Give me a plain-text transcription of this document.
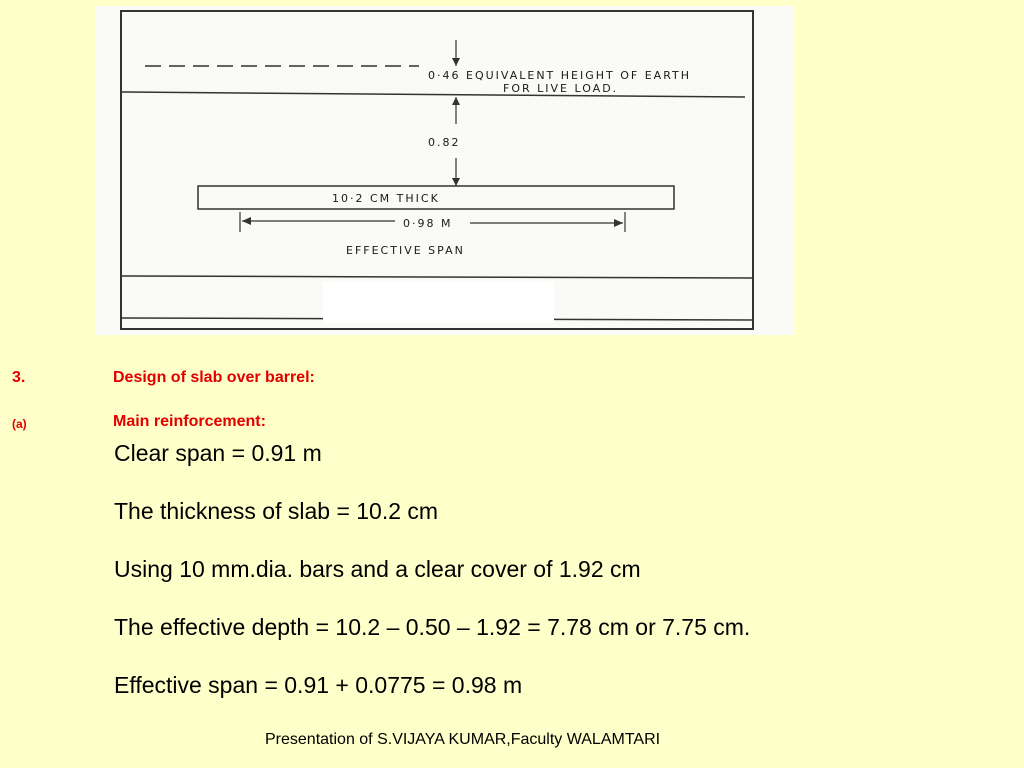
0·46 EQUIVALENT HEIGHT OF EARTH
FOR LIVE LOAD.
0.82
10·2 CM THICK
0·98 M
EFFECTIVE SPAN
3.	Design of slab over barrel:
(a)	Main reinforcement:
Clear span = 0.91 m
The thickness of slab = 10.2 cm
Using 10 mm.dia. bars and a clear cover of 1.92 cm
The effective depth = 10.2 – 0.50 – 1.92 = 7.78 cm or 7.75 cm.
Effective span = 0.91 + 0.0775 = 0.98 m
Presentation of S.VIJAYA KUMAR,Faculty WALAMTARI
